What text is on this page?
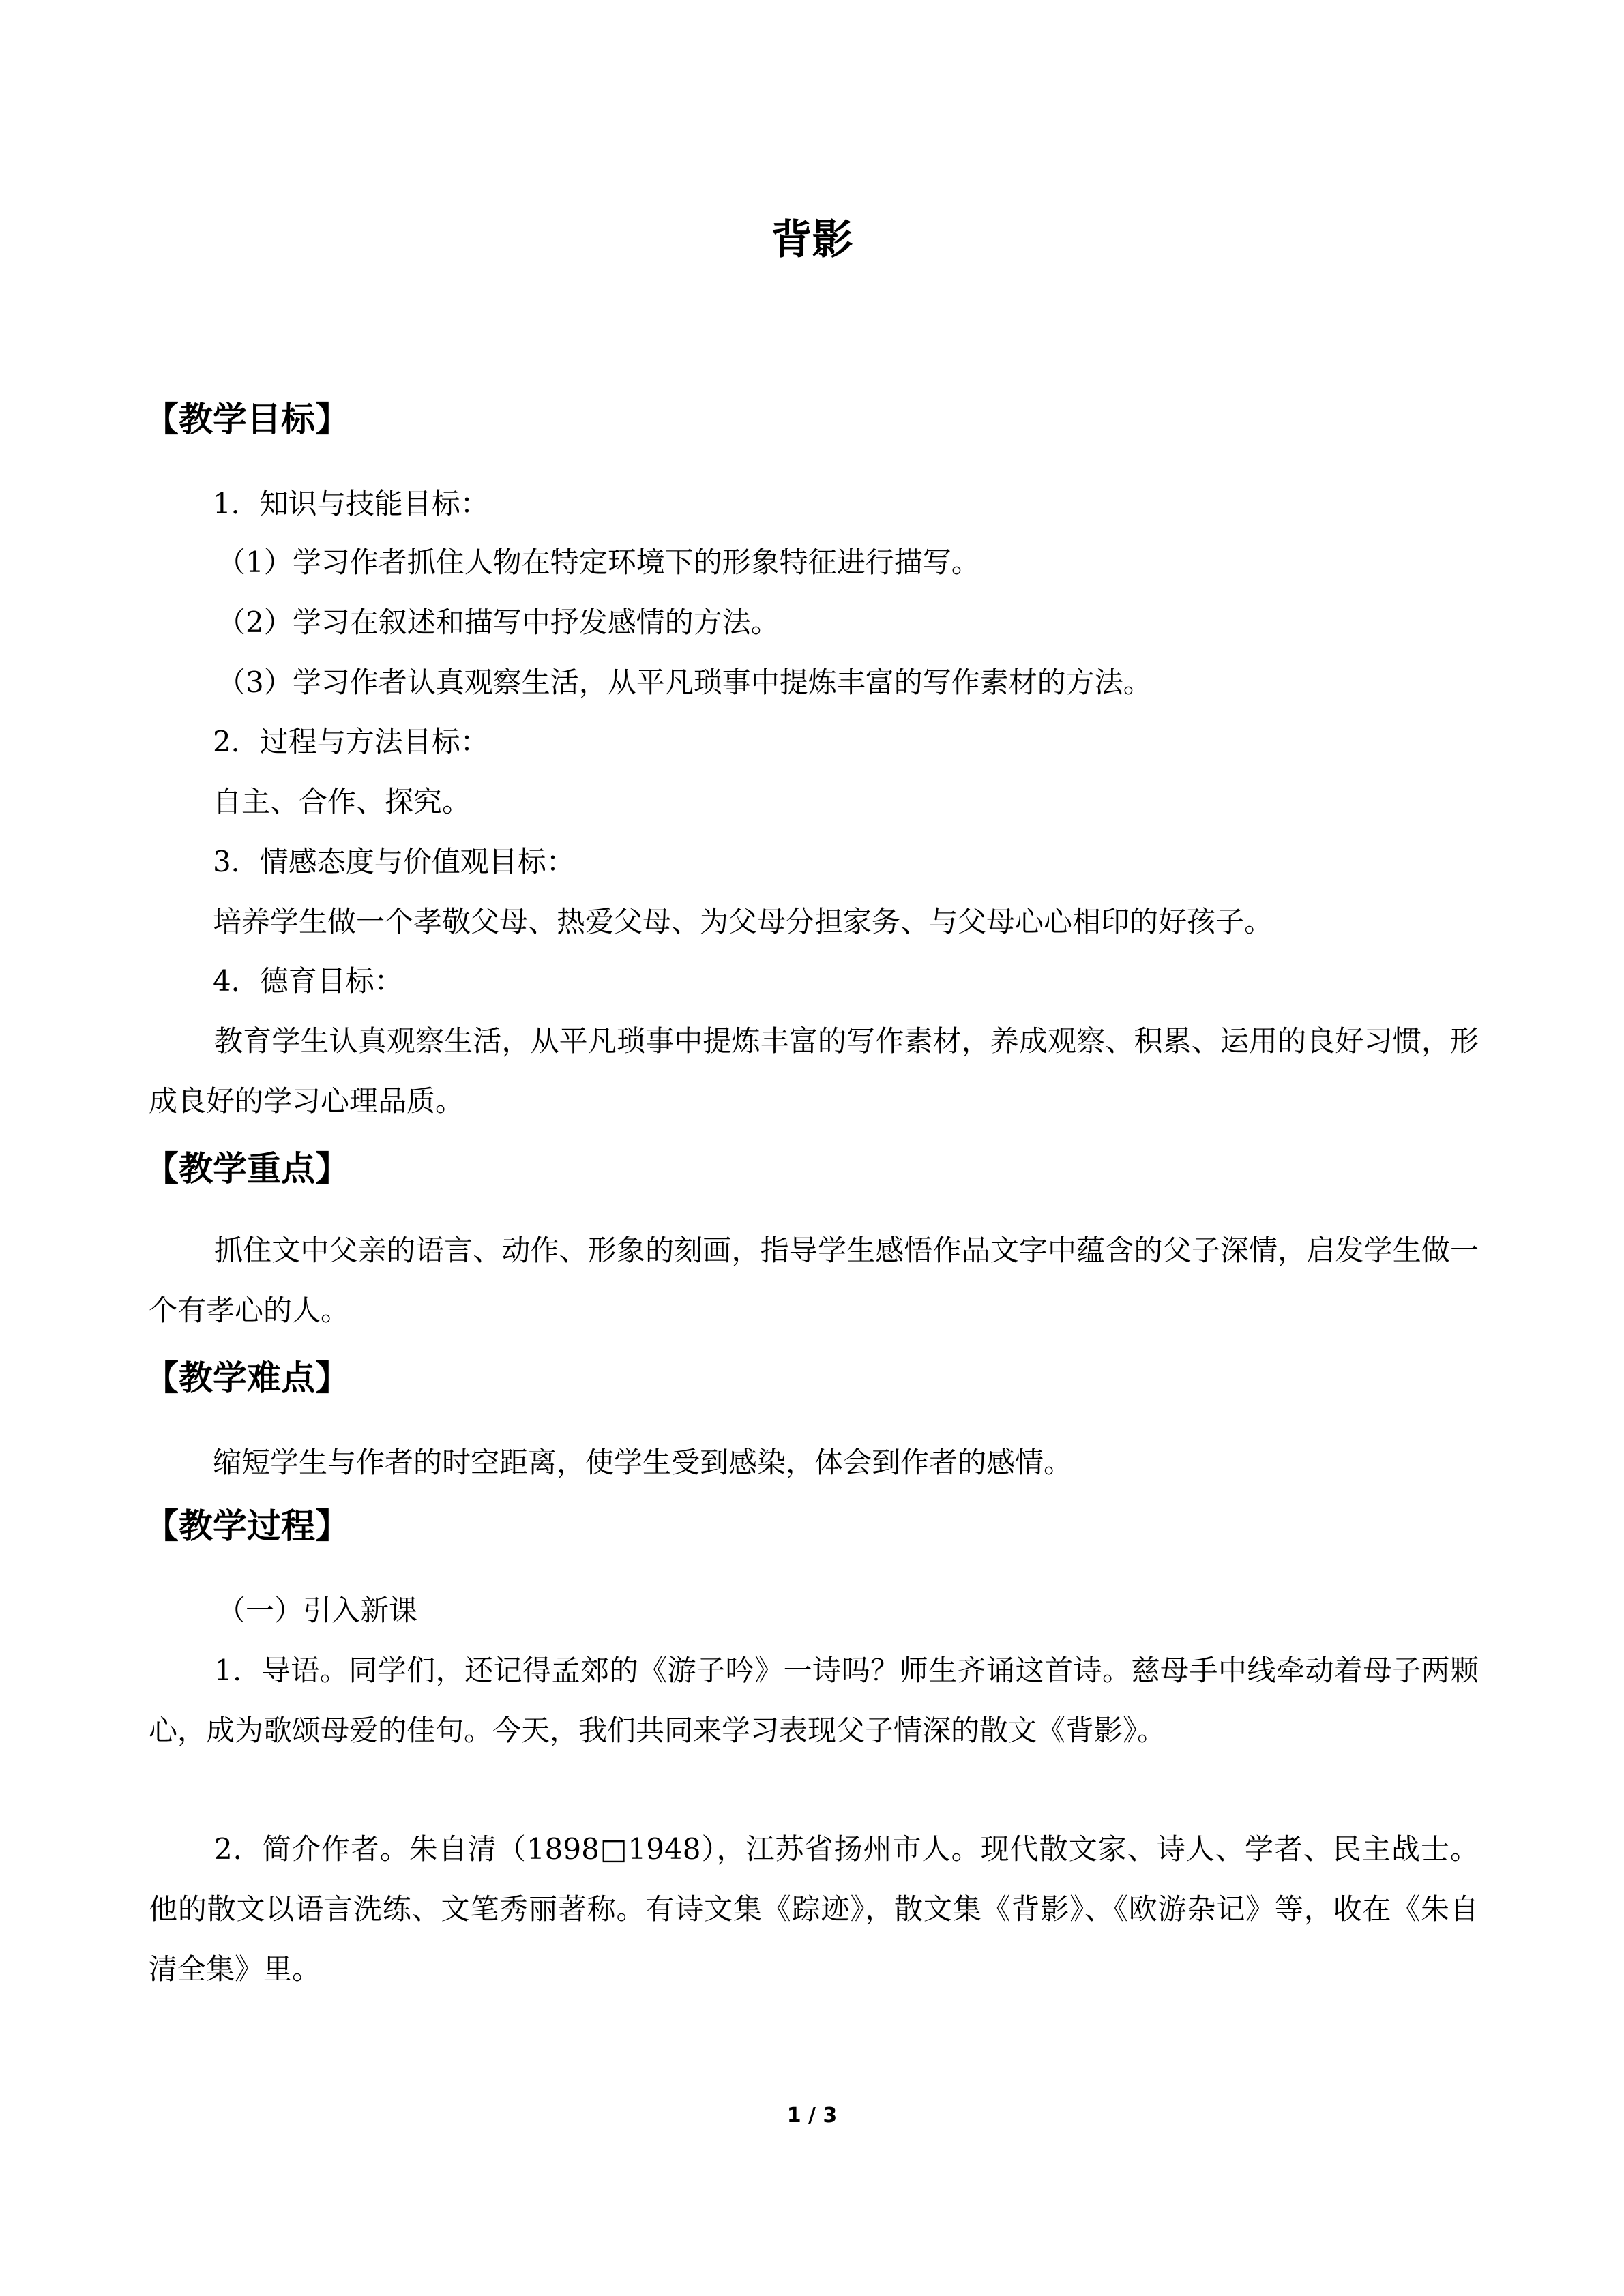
背影
【教学目标】
1．知识与技能目标：
（1）学习作者抓住人物在特定环境下的形象特征进行描写。
（2）学习在叙述和描写中抒发感情的方法。
（3）学习作者认真观察生活，从平凡琐事中提炼丰富的写作素材的方法。
2．过程与方法目标：
自主、合作、探究。
3．情感态度与价值观目标：
培养学生做一个孝敬父母、热爱父母、为父母分担家务、与父母心心相印的好孩子。
4．德育目标：
教育学生认真观察生活，从平凡琐事中提炼丰富的写作素材，养成观察、积累、运用的良好习惯，形成良好的学习心理品质。
【教学重点】
抓住文中父亲的语言、动作、形象的刻画，指导学生感悟作品文字中蕴含的父子深情，启发学生做一个有孝心的人。
【教学难点】
缩短学生与作者的时空距离，使学生受到感染，体会到作者的感情。
【教学过程】
（一）引入新课
1．导语。同学们，还记得孟郊的《游子吟》一诗吗？师生齐诵这首诗。慈母手中线牵动着母子两颗心，成为歌颂母爱的佳句。今天，我们共同来学习表现父子情深的散文《背影》。
2．简介作者。朱自清（1898□1948），江苏省扬州市人。现代散文家、诗人、学者、民主战士。他的散文以语言洗练、文笔秀丽著称。有诗文集《踪迹》，散文集《背影》、《欧游杂记》等，收在《朱自清全集》里。
1 / 3
